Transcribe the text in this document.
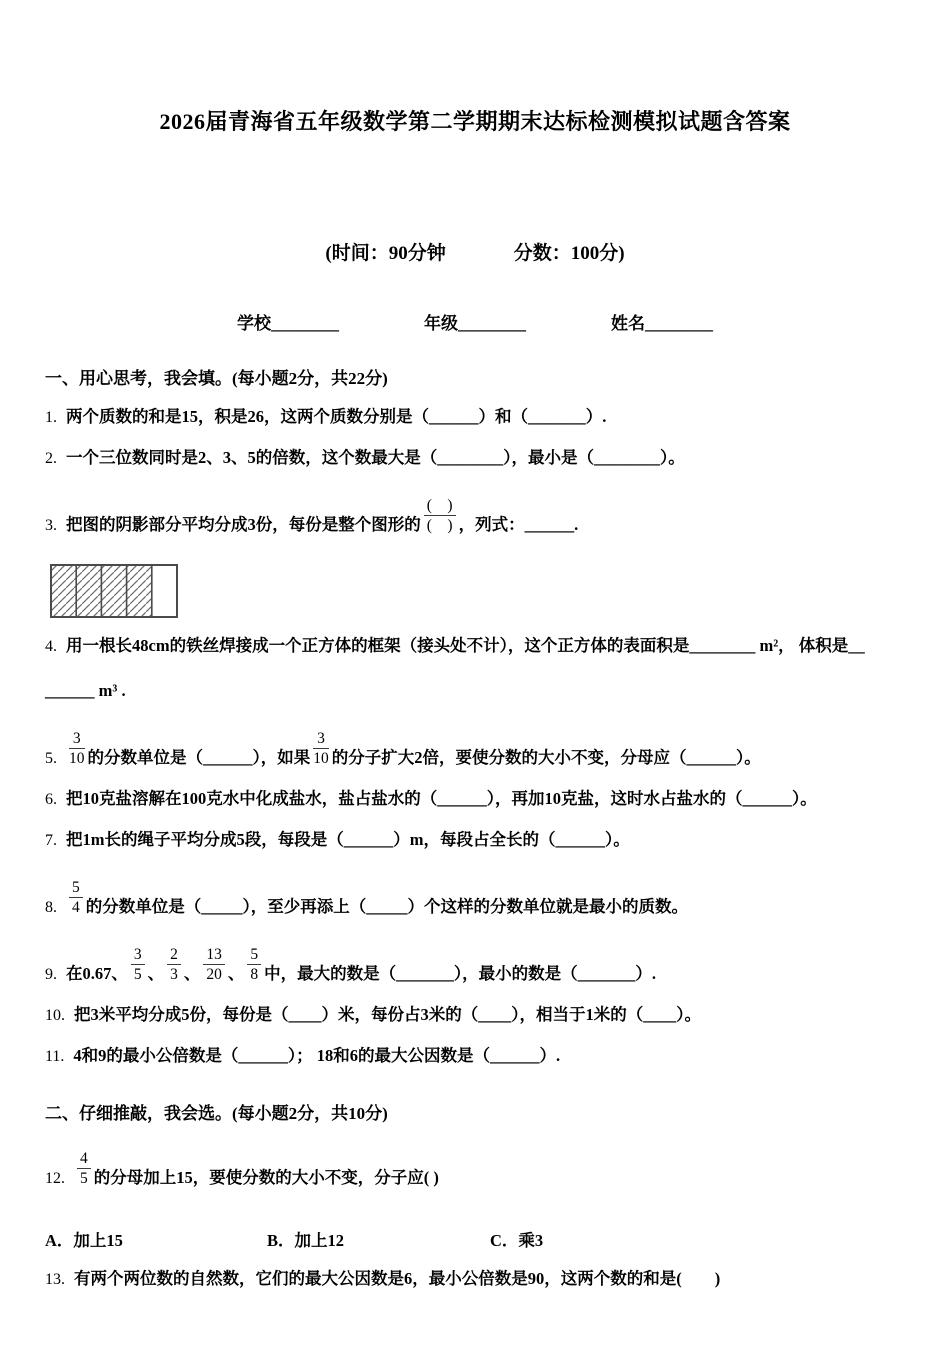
2026届青海省五年级数学第二学期期末达标检测模拟试题含答案
(时间：90分钟	分数：100分)
学校________	年级________	姓名________
一、用心思考，我会填。(每小题2分，共22分)
1. 两个质数的和是15，积是26，这两个质数分别是（______）和（_______）.
2. 一个三位数同时是2、3、5的倍数，这个数最大是（________），最小是（________）。
3. 把图的阴影部分平均分成3份，每份是整个图形的 $\frac{( )}{( )}$ ，列式：______.
4. 用一根长48cm的铁丝焊接成一个正方体的框架（接头处不计），这个正方体的表面积是________ m²， 体积是__
______ m³ .
5. $\frac{3}{10}$ 的分数单位是（______），如果 $\frac{3}{10}$ 的分子扩大2倍，要使分数的大小不变，分母应（______）。
6. 把10克盐溶解在100克水中化成盐水，盐占盐水的（______），再加10克盐，这时水占盐水的（______）。
7. 把1m长的绳子平均分成5段，每段是（______）m，每段占全长的（______）。
8. $\frac{5}{4}$ 的分数单位是（_____），至少再添上（_____）个这样的分数单位就是最小的质数。
9. 在0.67、 $\frac{3}{5}$ 、 $\frac{2}{3}$ 、 $\frac{13}{20}$ 、 $\frac{5}{8}$ 中，最大的数是（_______），最小的数是（_______）.
10. 把3米平均分成5份，每份是（____）米，每份占3米的（____），相当于1米的（____）。
11. 4和9的最小公倍数是（______）； 18和6的最大公因数是（______）.
二、仔细推敲，我会选。(每小题2分，共10分)
12. $\frac{4}{5}$ 的分母加上15，要使分数的大小不变，分子应( )
A．加上15	B．加上12	C．乘3
13. 有两个两位数的自然数，它们的最大公因数是6，最小公倍数是90，这两个数的和是(　　)
